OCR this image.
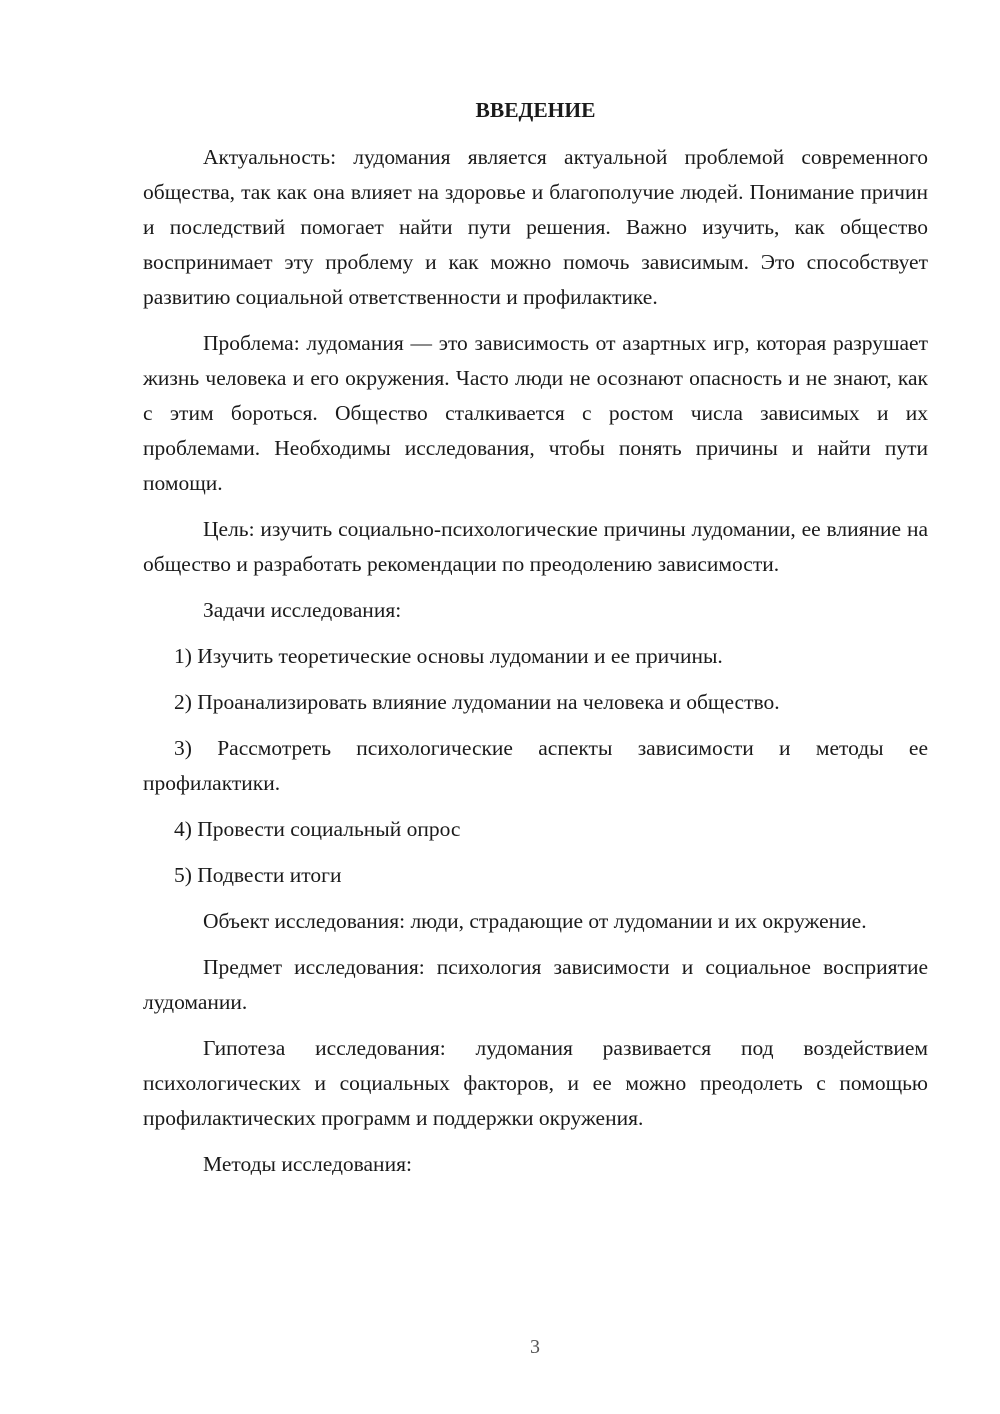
ВВЕДЕНИЕ

Актуальность: лудомания является актуальной проблемой современного общества, так как она влияет на здоровье и благополучие людей. Понимание причин и последствий помогает найти пути решения. Важно изучить, как общество воспринимает эту проблему и как можно помочь зависимым. Это способствует развитию социальной ответственности и профилактике.

Проблема: лудомания — это зависимость от азартных игр, которая разрушает жизнь человека и его окружения. Часто люди не осознают опасность и не знают, как с этим бороться. Общество сталкивается с ростом числа зависимых и их проблемами. Необходимы исследования, чтобы понять причины и найти пути помощи.

Цель: изучить социально-психологические причины лудомании, ее влияние на общество и разработать рекомендации по преодолению зависимости.

Задачи исследования:

1) Изучить теоретические основы лудомании и ее причины.

2) Проанализировать влияние лудомании на человека и общество.

3) Рассмотреть психологические аспекты зависимости и методы ее профилактики.

4) Провести социальный опрос

5) Подвести итоги

Объект исследования: люди, страдающие от лудомании и их окружение.

Предмет исследования: психология зависимости и социальное восприятие лудомании.

Гипотеза исследования: лудомания развивается под воздействием психологических и социальных факторов, и ее можно преодолеть с помощью профилактических программ и поддержки окружения.

Методы исследования:

3
